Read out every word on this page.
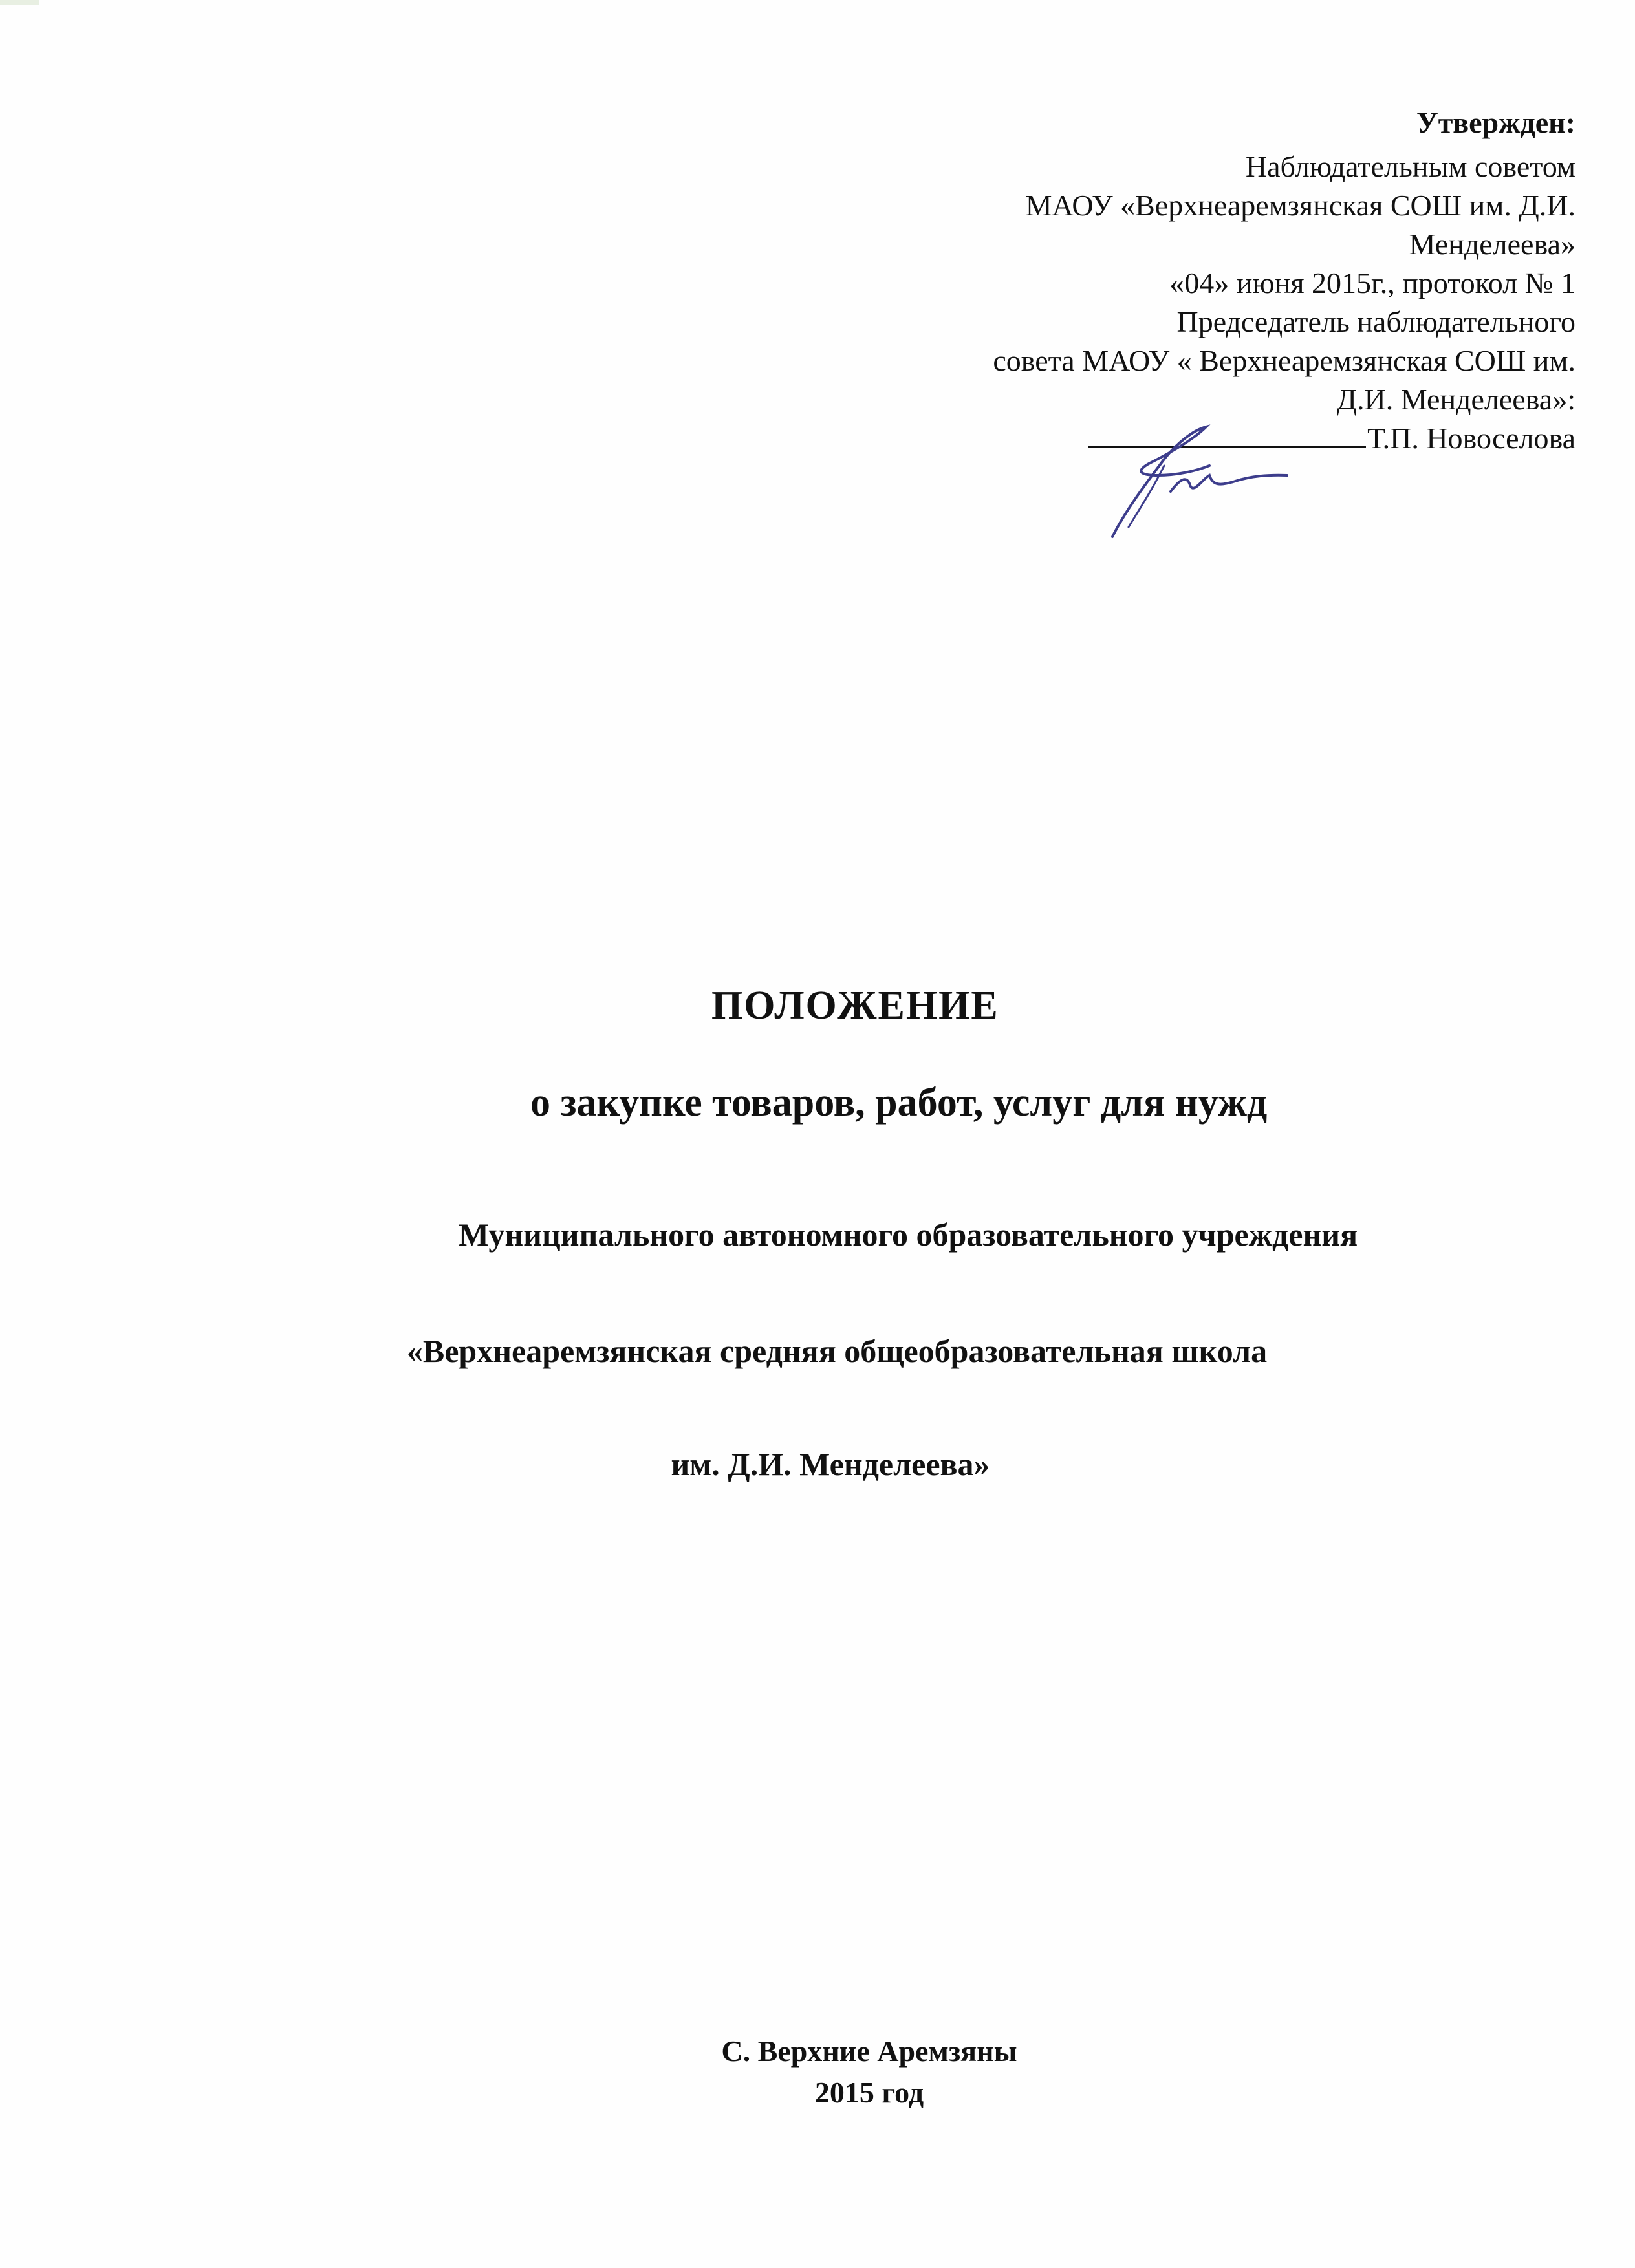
Утвержден:
Наблюдательным советом
МАОУ «Верхнеаремзянская СОШ им. Д.И.
Менделеева»
«04» июня 2015г., протокол № 1
Председатель наблюдательного
совета МАОУ « Верхнеаремзянская СОШ им.
Д.И. Менделеева»:
Т.П. Новоселова
ПОЛОЖЕНИЕ
о закупке товаров, работ, услуг для нужд
Муниципального автономного образовательного учреждения
«Верхнеаремзянская средняя общеобразовательная школа
им. Д.И. Менделеева»
С. Верхние Аремзяны
2015 год
